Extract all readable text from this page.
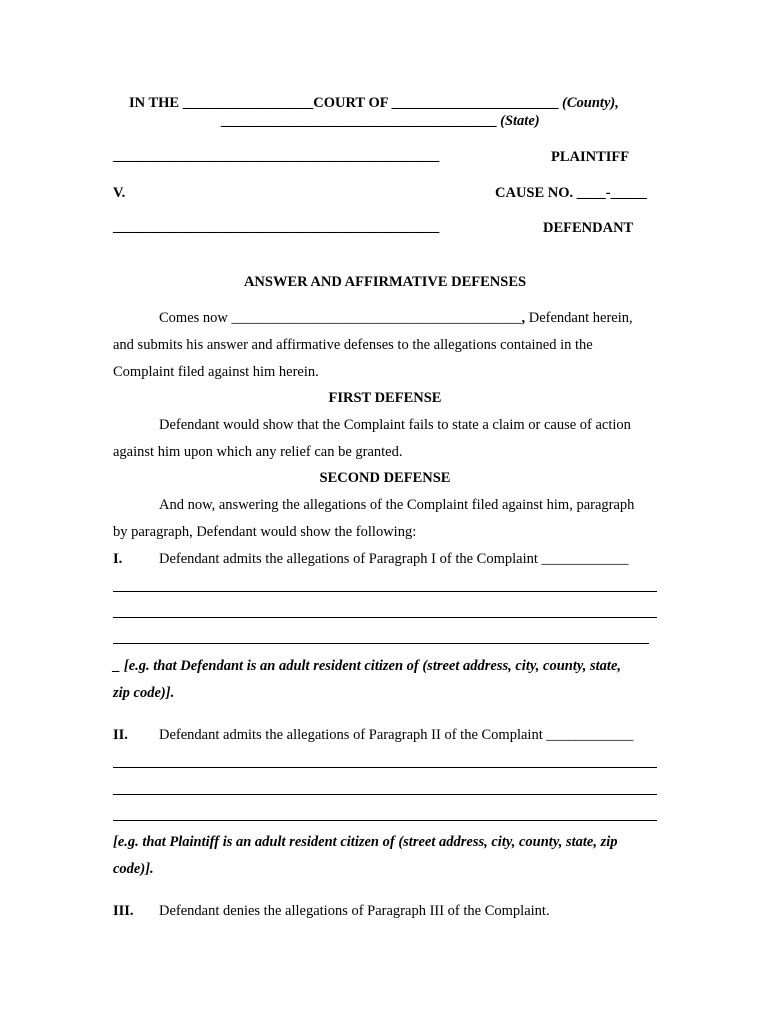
IN THE __________________COURT OF _______________________ (County),
______________________________________ (State)
_____________________________________________	PLAINTIFF
V.	CAUSE NO. ____-_____
_____________________________________________	DEFENDANT
ANSWER AND AFFIRMATIVE DEFENSES
Comes now ________________________________________, Defendant herein,
and submits his answer and affirmative defenses to the allegations contained in the
Complaint filed against him herein.
FIRST DEFENSE
Defendant would show that the Complaint fails to state a claim or cause of action
against him upon which any relief can be granted.
SECOND DEFENSE
And now, answering the allegations of the Complaint filed against him, paragraph
by paragraph, Defendant would show the following:
I.	Defendant admits the allegations of Paragraph I of the Complaint ____________
_ [e.g. that Defendant is an adult resident citizen of (street address, city, county, state,
zip code)].
II. Defendant admits the allegations of Paragraph II of the Complaint ____________
[e.g. that Plaintiff is an adult resident citizen of (street address, city, county, state, zip
code)].
III. Defendant denies the allegations of Paragraph III of the Complaint.
